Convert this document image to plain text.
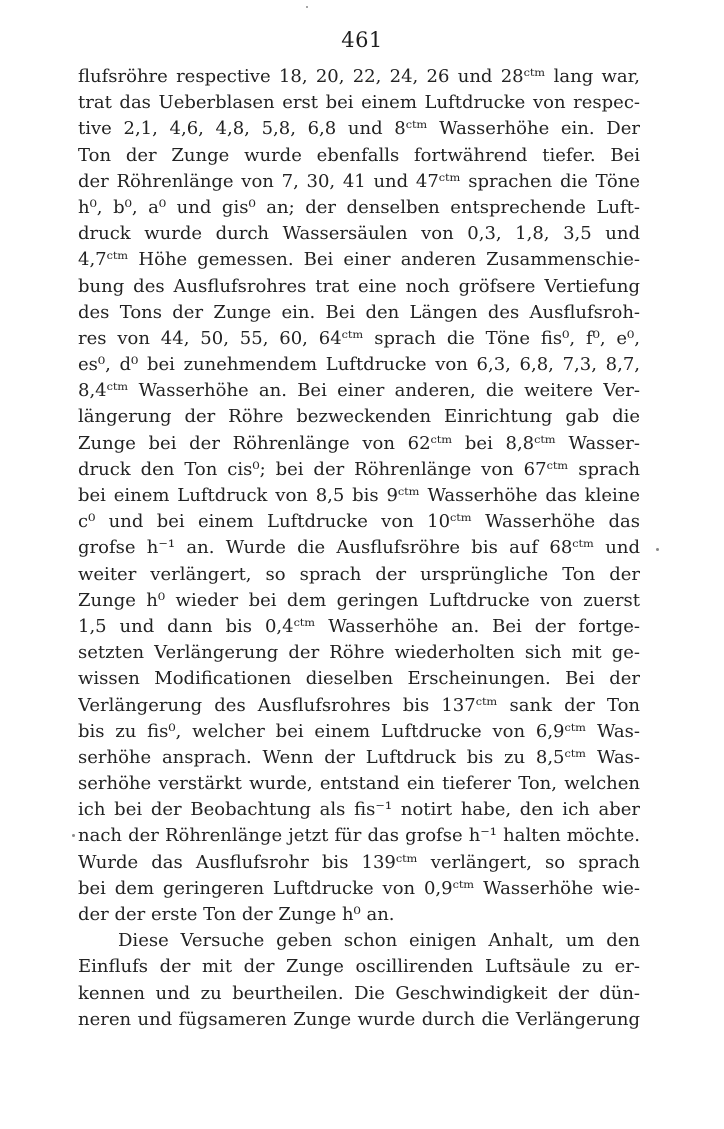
461
flufsröhre respective 18, 20, 22, 24, 26 und 28ᶜᵗᵐ lang war,
trat das Ueberblasen erst bei einem Luftdrucke von respec-
tive 2,1, 4,6, 4,8, 5,8, 6,8 und 8ᶜᵗᵐ Wasserhöhe ein. Der
Ton der Zunge wurde ebenfalls fortwährend tiefer. Bei
der Röhrenlänge von 7, 30, 41 und 47ᶜᵗᵐ sprachen die Töne
h⁰, b⁰, a⁰ und gis⁰ an; der denselben entsprechende Luft-
druck wurde durch Wassersäulen von 0,3, 1,8, 3,5 und
4,7ᶜᵗᵐ Höhe gemessen. Bei einer anderen Zusammenschie-
bung des Ausflufsrohres trat eine noch gröfsere Vertiefung
des Tons der Zunge ein. Bei den Längen des Ausflufsroh-
res von 44, 50, 55, 60, 64ᶜᵗᵐ sprach die Töne fis⁰, f⁰, e⁰,
es⁰, d⁰ bei zunehmendem Luftdrucke von 6,3, 6,8, 7,3, 8,7,
8,4ᶜᵗᵐ Wasserhöhe an. Bei einer anderen, die weitere Ver-
längerung der Röhre bezweckenden Einrichtung gab die
Zunge bei der Röhrenlänge von 62ᶜᵗᵐ bei 8,8ᶜᵗᵐ Wasser-
druck den Ton cis⁰; bei der Röhrenlänge von 67ᶜᵗᵐ sprach
bei einem Luftdruck von 8,5 bis 9ᶜᵗᵐ Wasserhöhe das kleine
c⁰ und bei einem Luftdrucke von 10ᶜᵗᵐ Wasserhöhe das
grofse h⁻¹ an. Wurde die Ausflufsröhre bis auf 68ᶜᵗᵐ und
weiter verlängert, so sprach der ursprüngliche Ton der
Zunge h⁰ wieder bei dem geringen Luftdrucke von zuerst
1,5 und dann bis 0,4ᶜᵗᵐ Wasserhöhe an. Bei der fortge-
setzten Verlängerung der Röhre wiederholten sich mit ge-
wissen Modificationen dieselben Erscheinungen. Bei der
Verlängerung des Ausflufsrohres bis 137ᶜᵗᵐ sank der Ton
bis zu fis⁰, welcher bei einem Luftdrucke von 6,9ᶜᵗᵐ Was-
serhöhe ansprach. Wenn der Luftdruck bis zu 8,5ᶜᵗᵐ Was-
serhöhe verstärkt wurde, entstand ein tieferer Ton, welchen
ich bei der Beobachtung als fis⁻¹ notirt habe, den ich aber
nach der Röhrenlänge jetzt für das grofse h⁻¹ halten möchte.
Wurde das Ausflufsrohr bis 139ᶜᵗᵐ verlängert, so sprach
bei dem geringeren Luftdrucke von 0,9ᶜᵗᵐ Wasserhöhe wie-
der der erste Ton der Zunge h⁰ an.
Diese Versuche geben schon einigen Anhalt, um den
Einflufs der mit der Zunge oscillirenden Luftsäule zu er-
kennen und zu beurtheilen. Die Geschwindigkeit der dün-
neren und fügsameren Zunge wurde durch die Verlängerung
